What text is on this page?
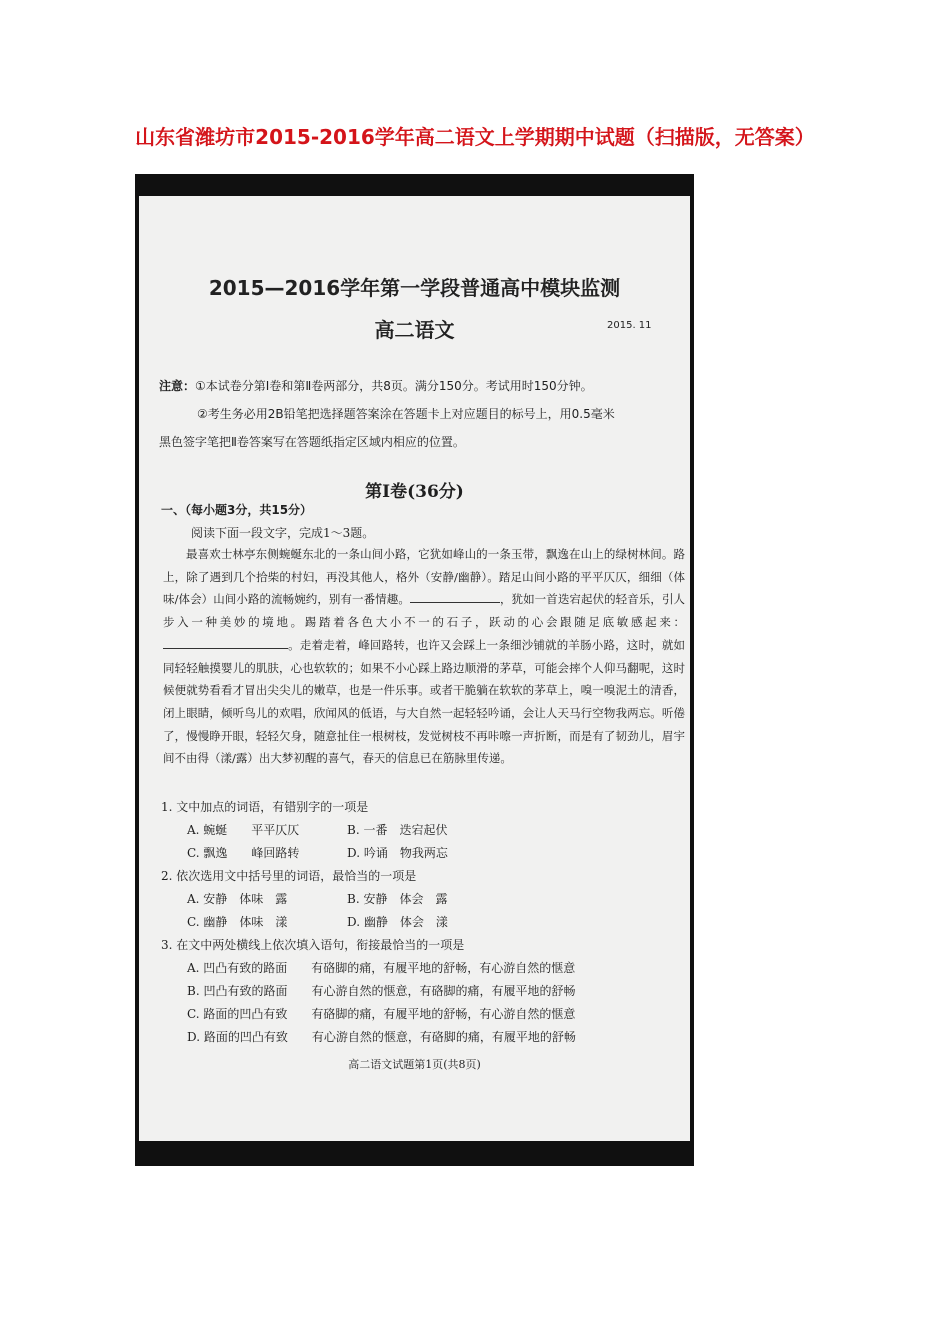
山东省潍坊市2015-2016学年高二语文上学期期中试题（扫描版，无答案）
2015—2016学年第一学段普通高中模块监测
高二语文	2015. 11
注意：①本试卷分第Ⅰ卷和第Ⅱ卷两部分，共8页。满分150分。考试用时150分钟。
②考生务必用2B铅笔把选择题答案涂在答题卡上对应题目的标号上，用0.5毫米
黑色签字笔把Ⅱ卷答案写在答题纸指定区域内相应的位置。
第Ⅰ卷(36分)
一、（每小题3分，共15分）
阅读下面一段文字，完成1～3题。

最喜欢士林亭东侧蜿蜒东北的一条山间小路，它犹如峰山的一条玉带，飘逸在山上的绿树林间。路上，除了遇到几个拾柴的村妇，再没其他人，格外（安静/幽静）。踏足山间小路的平平仄仄，细细（体味/体会）山间小路的流畅婉约，别有一番情趣。	，犹如一首迭宕起伏的轻音乐，引人步入一种美妙的境地。踢踏着各色大小不一的石子，跃动的心会跟随足底敏感起来：。走着走着，峰回路转，也许又会踩上一条细沙铺就的羊肠小路，这时，就如同轻轻触摸婴儿的肌肤，心也软软的；如果不小心踩上路边顺滑的茅草，可能会摔个人仰马翻呢，这时候便就势看看才冒出尖尖儿的嫩草，也是一件乐事。或者干脆躺在软软的茅草上，嗅一嗅泥土的清香，闭上眼睛，倾听鸟儿的欢唱，欣闻风的低语，与大自然一起轻轻吟诵，会让人天马行空物我两忘。听倦了，慢慢睁开眼，轻轻欠身，随意扯住一根树枝，发觉树枝不再咔嚓一声折断，而是有了韧劲儿，眉宇间不由得（漾/露）出大梦初醒的喜气，春天的信息已在筋脉里传递。

1. 文中加点的词语，有错别字的一项是
A. 蜿蜒　　平平仄仄	B. 一番　迭宕起伏
C. 飘逸　　峰回路转	D. 吟诵　物我两忘
2. 依次选用文中括号里的词语，最恰当的一项是
A. 安静　体味　露	B. 安静　体会　露
C. 幽静　体味　漾	D. 幽静　体会　漾
3. 在文中两处横线上依次填入语句，衔接最恰当的一项是
A. 凹凸有致的路面　　有硌脚的痛，有履平地的舒畅，有心游自然的惬意
B. 凹凸有致的路面　　有心游自然的惬意，有硌脚的痛，有履平地的舒畅
C. 路面的凹凸有致　　有硌脚的痛，有履平地的舒畅，有心游自然的惬意
D. 路面的凹凸有致　　有心游自然的惬意，有硌脚的痛，有履平地的舒畅
高二语文试题第1页(共8页)
